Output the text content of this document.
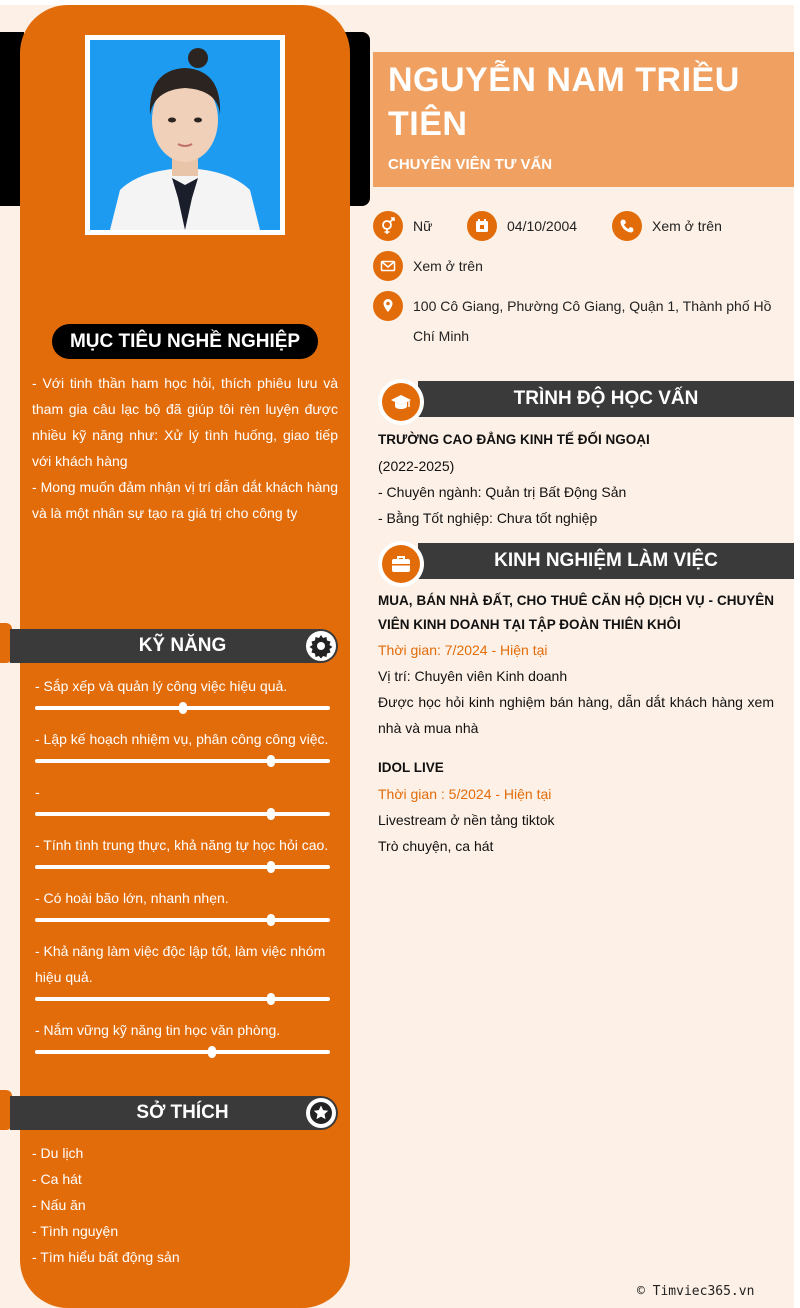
MỤC TIÊU NGHỀ NGHIỆP
- Với tinh thần ham học hỏi, thích phiêu lưu và tham gia câu lạc bộ đã giúp tôi rèn luyện được nhiều kỹ năng như: Xử lý tình huống, giao tiếp với khách hàng
- Mong muốn đảm nhận vị trí dẫn dắt khách hàng và là một nhân sự tạo ra giá trị cho công ty
KỸ NĂNG
- Sắp xếp và quản lý công việc hiệu quả.
- Lập kế hoạch nhiệm vụ, phân công công việc.
-
- Tính tình trung thực, khả năng tự học hỏi cao.
- Có hoài bão lớn, nhanh nhẹn.
- Khả năng làm việc độc lập tốt, làm việc nhóm hiệu quả.
- Nắm vững kỹ năng tin học văn phòng.
SỞ THÍCH
- Du lịch
- Ca hát
- Nấu ăn
- Tình nguyện
- Tìm hiểu bất động sản
NGUYỄN NAM TRIỀU TIÊN
CHUYÊN VIÊN TƯ VẤN
Nữ	04/10/2004	Xem ở trên
Xem ở trên
100 Cô Giang, Phường Cô Giang, Quận 1, Thành phố Hồ Chí Minh
TRÌNH ĐỘ HỌC VẤN
TRƯỜNG CAO ĐẲNG KINH TẾ ĐỐI NGOẠI
(2022-2025)
- Chuyên ngành: Quản trị Bất Động Sản
- Bằng Tốt nghiệp: Chưa tốt nghiệp
KINH NGHIỆM LÀM VIỆC
MUA, BÁN NHÀ ĐẤT, CHO THUÊ CĂN HỘ DỊCH VỤ - CHUYÊN VIÊN KINH DOANH TẠI TẬP ĐOÀN THIÊN KHÔI
Thời gian: 7/2024 - Hiện tại
Vị trí: Chuyên viên Kinh doanh
Được học hỏi kinh nghiệm bán hàng, dẫn dắt khách hàng xem nhà và mua nhà
IDOL LIVE
Thời gian : 5/2024 - Hiện tại
Livestream ở nền tảng tiktok
Trò chuyện, ca hát
© Timviec365.vn
